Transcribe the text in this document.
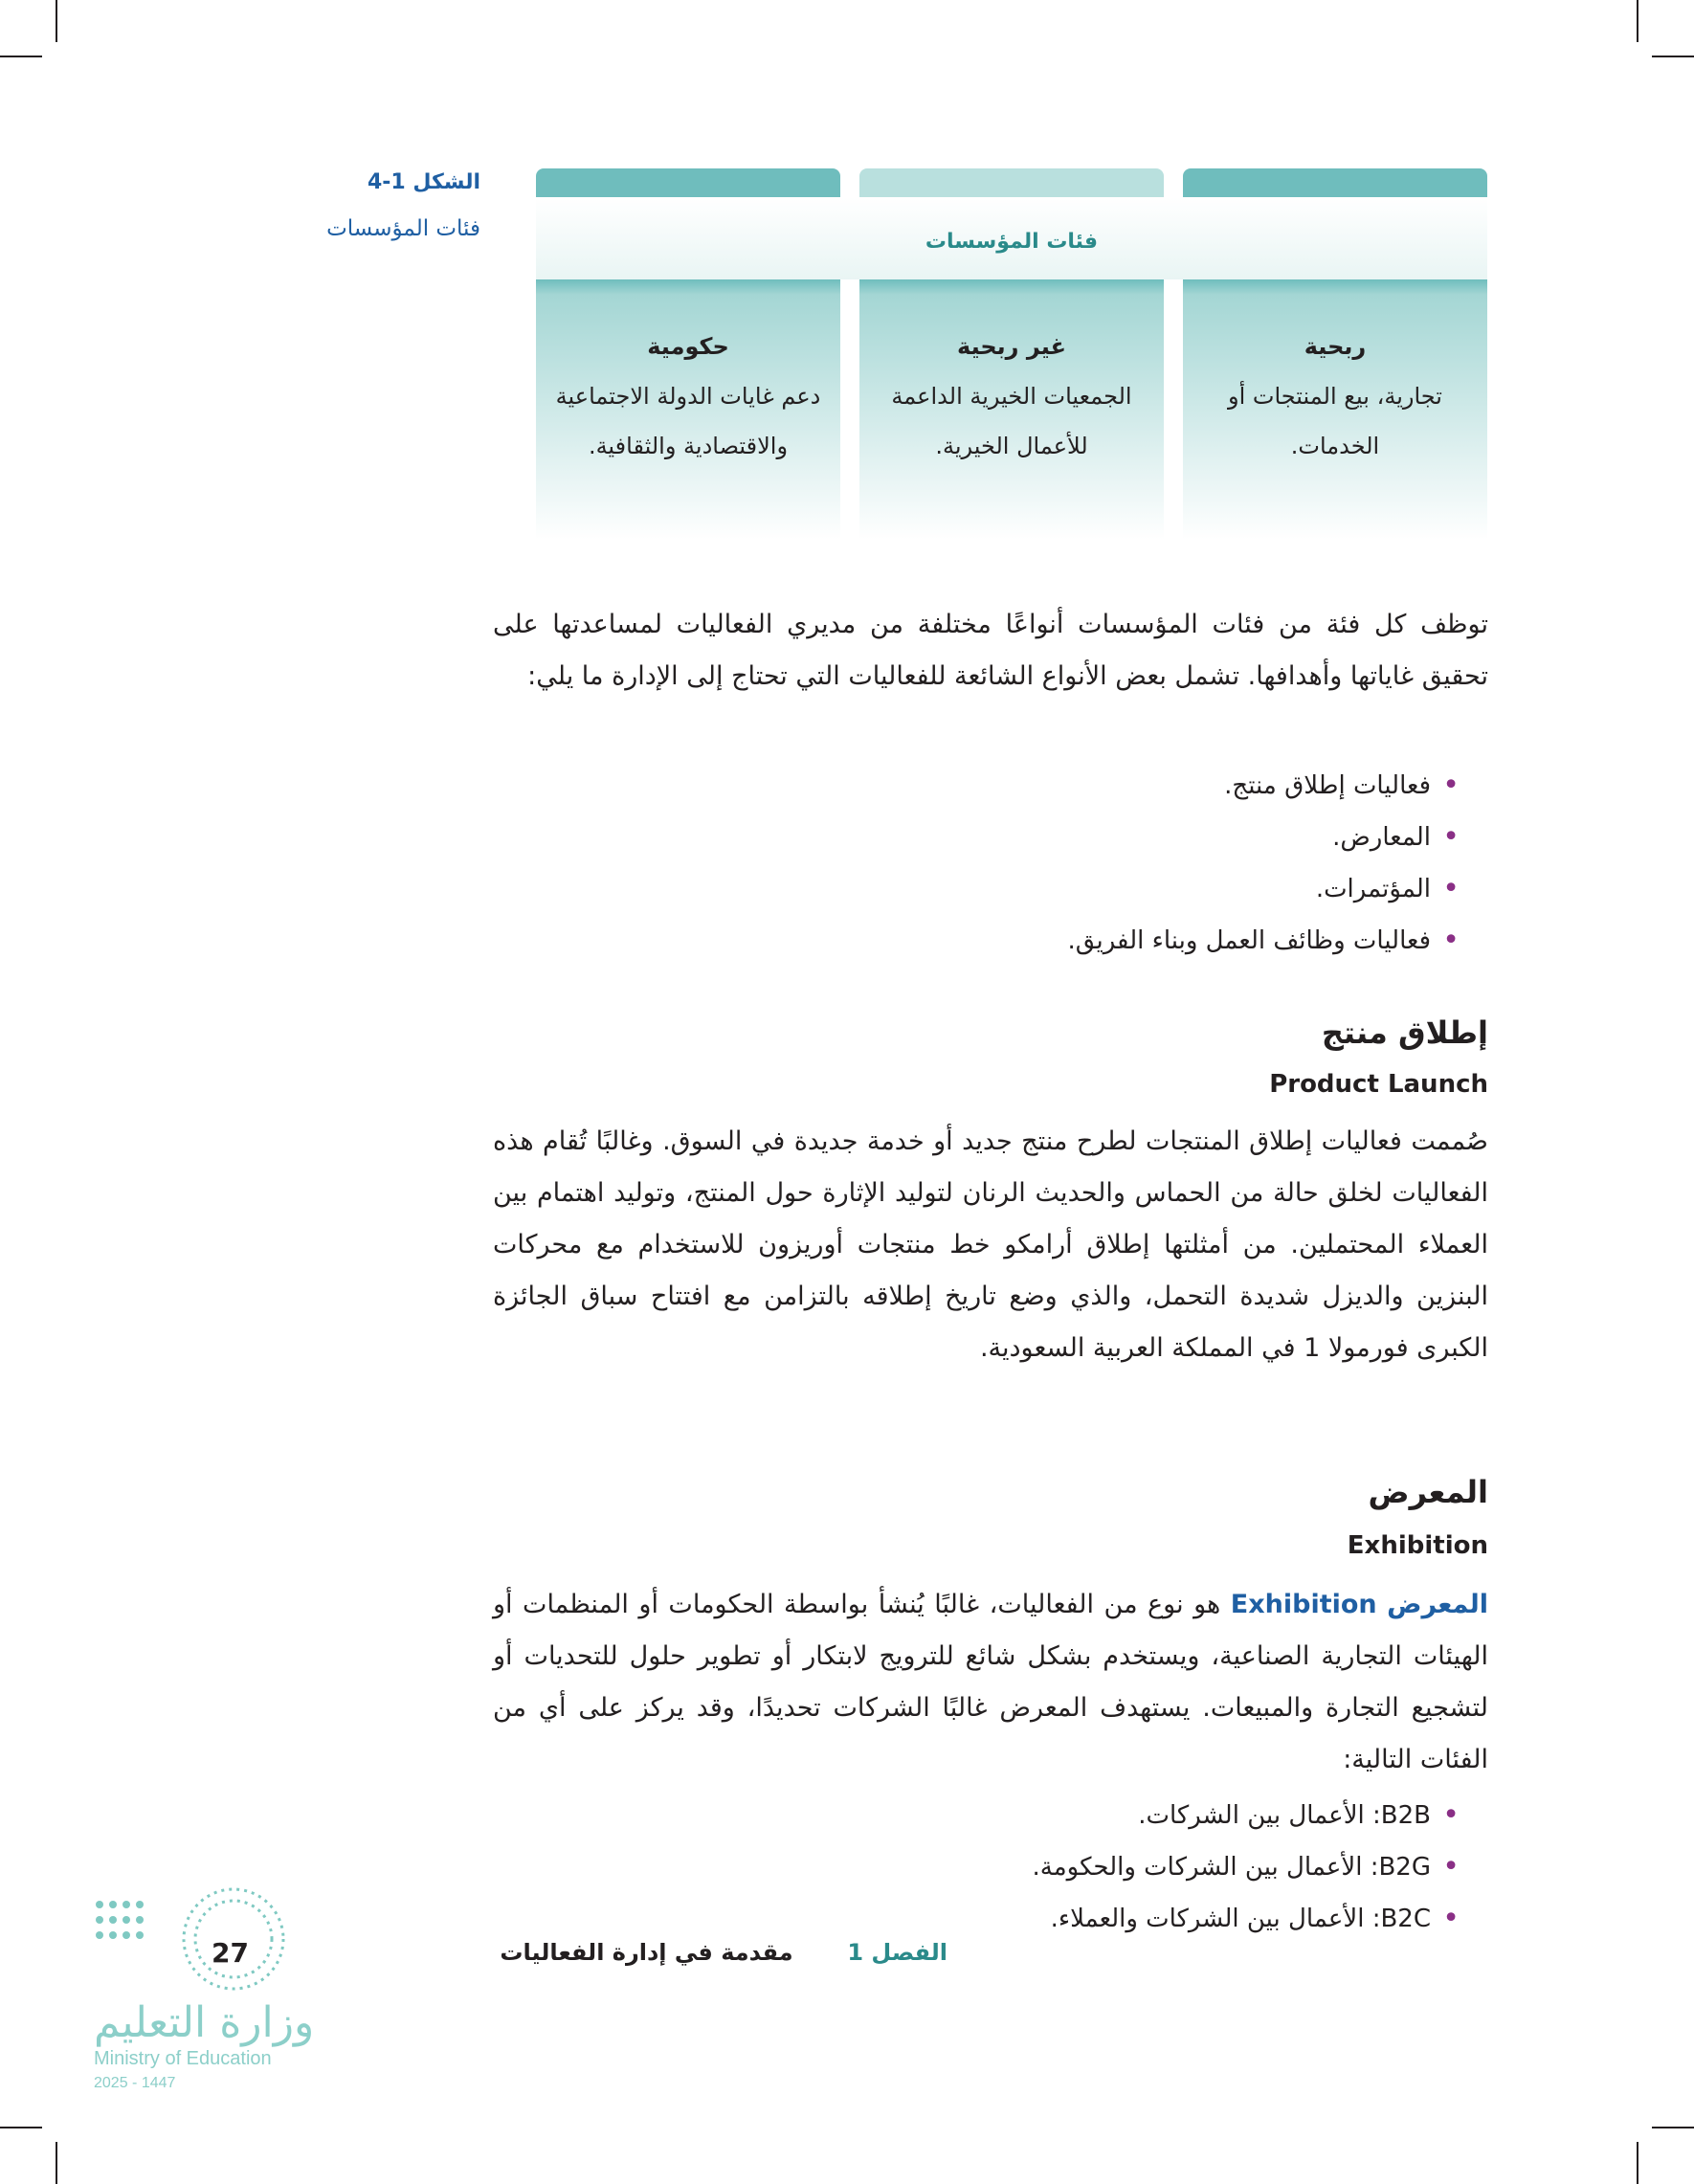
الشكل 1-4
فئات المؤسسات
فئات المؤسسات
ربحية
تجارية، بيع المنتجات أو الخدمات.
غير ربحية
الجمعيات الخيرية الداعمة للأعمال الخيرية.
حكومية
دعم غايات الدولة الاجتماعية والاقتصادية والثقافية.
توظف كل فئة من فئات المؤسسات أنواعًا مختلفة من مديري الفعاليات لمساعدتها على تحقيق غاياتها وأهدافها. تشمل بعض الأنواع الشائعة للفعاليات التي تحتاج إلى الإدارة ما يلي:
• فعاليات إطلاق منتج.
• المعارض.
• المؤتمرات.
• فعاليات وظائف العمل وبناء الفريق.
إطلاق منتج
Product Launch
صُممت فعاليات إطلاق المنتجات لطرح منتج جديد أو خدمة جديدة في السوق. وغالبًا تُقام هذه الفعاليات لخلق حالة من الحماس والحديث الرنان لتوليد الإثارة حول المنتج، وتوليد اهتمام بين العملاء المحتملين. من أمثلتها إطلاق أرامكو خط منتجات أوريزون للاستخدام مع محركات البنزين والديزل شديدة التحمل، والذي وضع تاريخ إطلاقه بالتزامن مع افتتاح سباق الجائزة الكبرى فورمولا 1 في المملكة العربية السعودية.
المعرض
Exhibition
المعرض Exhibition هو نوع من الفعاليات، غالبًا يُنشأ بواسطة الحكومات أو المنظمات أو الهيئات التجارية الصناعية، ويستخدم بشكل شائع للترويج لابتكار أو تطوير حلول للتحديات أو لتشجيع التجارة والمبيعات. يستهدف المعرض غالبًا الشركات تحديدًا، وقد يركز على أي من الفئات التالية:
• B2B: الأعمال بين الشركات.
• B2G: الأعمال بين الشركات والحكومة.
• B2C: الأعمال بين الشركات والعملاء.
الفصل 1  مقدمة في إدارة الفعاليات
27
وزارة التعليم
Ministry of Education
2025 - 1447
